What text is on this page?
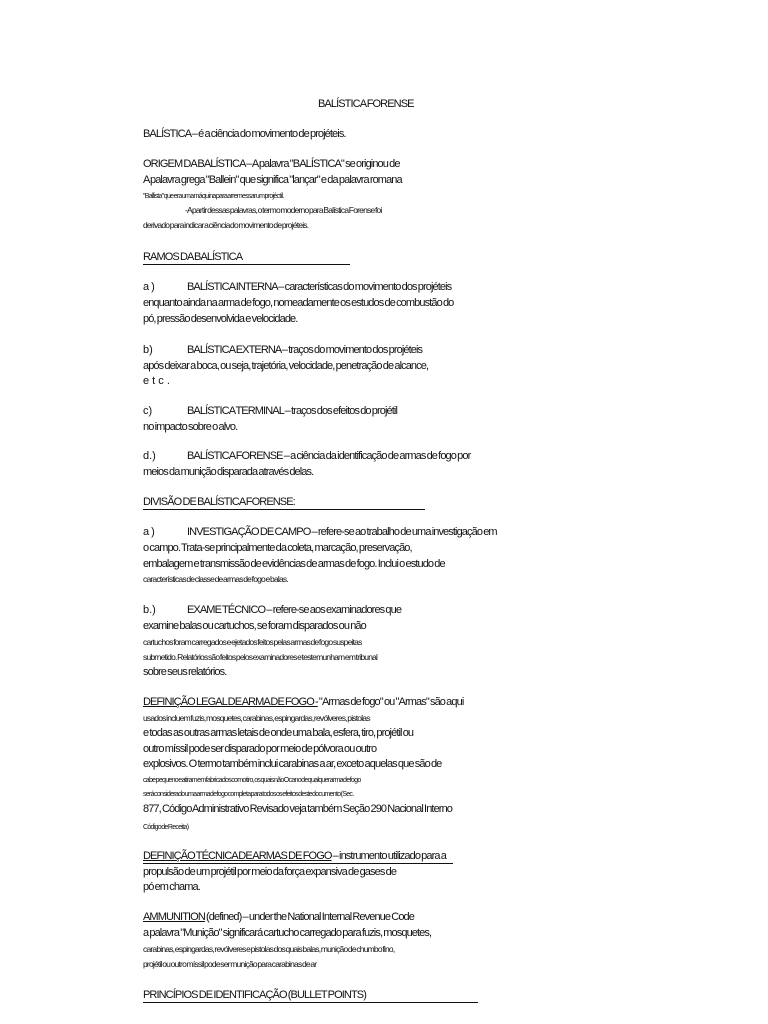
BALÍSTICA FORENSE
BALÍSTICA – é a ciência do movimento de projéteis.
ORIGEM DA BALÍSTICA – A palavra "BALÍSTICA" se originou de
A palavra grega "Ballein" que significa "lançar" e da palavra romana
"Ballista" que era uma máquina para arremessar um projéctil.
-A partir dessas palavras, o termo moderno para Balística Forense foi
derivado para indicar a ciência do movimento de projéteis.
RAMOS DA BALÍSTICA
a )	BALÍSTICA INTERNA – características do movimento dos projéteis
enquanto ainda na arma de fogo, nomeadamente os estudos de combustão do
pó, pressão desenvolvida e velocidade.
b)	BALÍSTICA EXTERNA – traços do movimento dos projéteis
após deixar a boca, ou seja, trajetória, velocidade, penetração de alcance,
e t c .
c)	BALÍSTICA TERMINAL – traços dos efeitos do projétil
no impacto sobre o alvo.
d.)	BALÍSTICA FORENSE – a ciência da identificação de armas de fogo por
meios da munição disparada através delas.
DIVISÃO DE BALÍSTICA FORENSE:
a )	INVESTIGAÇÃO DE CAMPO – refere-se ao trabalho de uma investigação em
o campo. Trata-se principalmente da coleta, marcação, preservação,
embalagem e transmissão de evidências de armas de fogo. Inclui o estudo de
características de classe de armas de fogo e balas.
b.)	EXAME TÉCNICO – refere-se aos examinadores que
examine balas ou cartuchos, se foram disparados ou não
cartuchos foram carregados e ejetados feitos pelas armas de fogo suspeitas
submetido. Relatórios são feitos pelos examinadores e testemunham em tribunal
sobre seus relatórios.
DEFINIÇÃO LEGAL DE ARMA DE FOGO - "Armas de fogo" ou "Armas" são aqui
usados incluem fuzis, mosquetes, carabinas, espingardas, revólveres, pistolas
e todas as outras armas letais de onde uma bala, esfera, tiro, projétil ou
outro míssil pode ser disparado por meio de pólvora ou outro
explosivos. O termo também inclui carabinas a ar, exceto aquelas que são de
cabe pequeno e atiram em fabricados como tiro, os quais não Ocano de qualquer arma de fogo
será considerado uma arma de fogo completa para todos os efeitos deste documento (Sec.
877, Código Administrativo Revisado veja também Seção 290 Nacional Interno
Código de Receita)
DEFINIÇÃO TÉCNICA DE ARMAS DE FOGO – instrumento utilizado para a
propulsão de um projétil por meio da força expansiva de gases de
pó em chama.
AMMUNITION (defined) – under the National Internal Revenue Code
a palavra "Munição" significará cartucho carregado para fuzis, mosquetes,
carabinas, espingardas, revólveres e pistolas dos quais balas, munição de chumbo fino,
projétil ou outro míssil pode ser munição para carabinas de ar
PRINCÍPIOS DE IDENTIFICAÇÃO (BULLET POINTS)
